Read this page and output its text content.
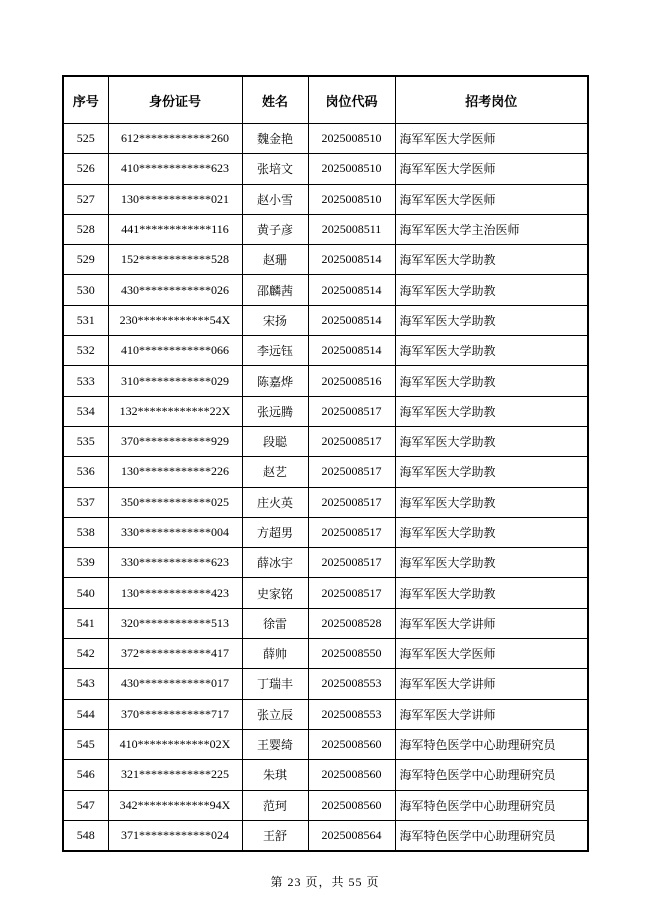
序号	身份证号	姓名	岗位代码	招考岗位
525	612************260	魏金艳	2025008510	海军军医大学医师
526	410************623	张培文	2025008510	海军军医大学医师
527	130************021	赵小雪	2025008510	海军军医大学医师
528	441************116	黄子彦	2025008511	海军军医大学主治医师
529	152************528	赵珊	2025008514	海军军医大学助教
530	430************026	邵麟茜	2025008514	海军军医大学助教
531	230************54X	宋扬	2025008514	海军军医大学助教
532	410************066	李远钰	2025008514	海军军医大学助教
533	310************029	陈嘉烨	2025008516	海军军医大学助教
534	132************22X	张远腾	2025008517	海军军医大学助教
535	370************929	段聪	2025008517	海军军医大学助教
536	130************226	赵艺	2025008517	海军军医大学助教
537	350************025	庄火英	2025008517	海军军医大学助教
538	330************004	方超男	2025008517	海军军医大学助教
539	330************623	薛冰宇	2025008517	海军军医大学助教
540	130************423	史家铭	2025008517	海军军医大学助教
541	320************513	徐雷	2025008528	海军军医大学讲师
542	372************417	薛帅	2025008550	海军军医大学医师
543	430************017	丁瑞丰	2025008553	海军军医大学讲师
544	370************717	张立辰	2025008553	海军军医大学讲师
545	410************02X	王婴绮	2025008560	海军特色医学中心助理研究员
546	321************225	朱琪	2025008560	海军特色医学中心助理研究员
547	342************94X	范珂	2025008560	海军特色医学中心助理研究员
548	371************024	王舒	2025008564	海军特色医学中心助理研究员
第 23 页，共 55 页
